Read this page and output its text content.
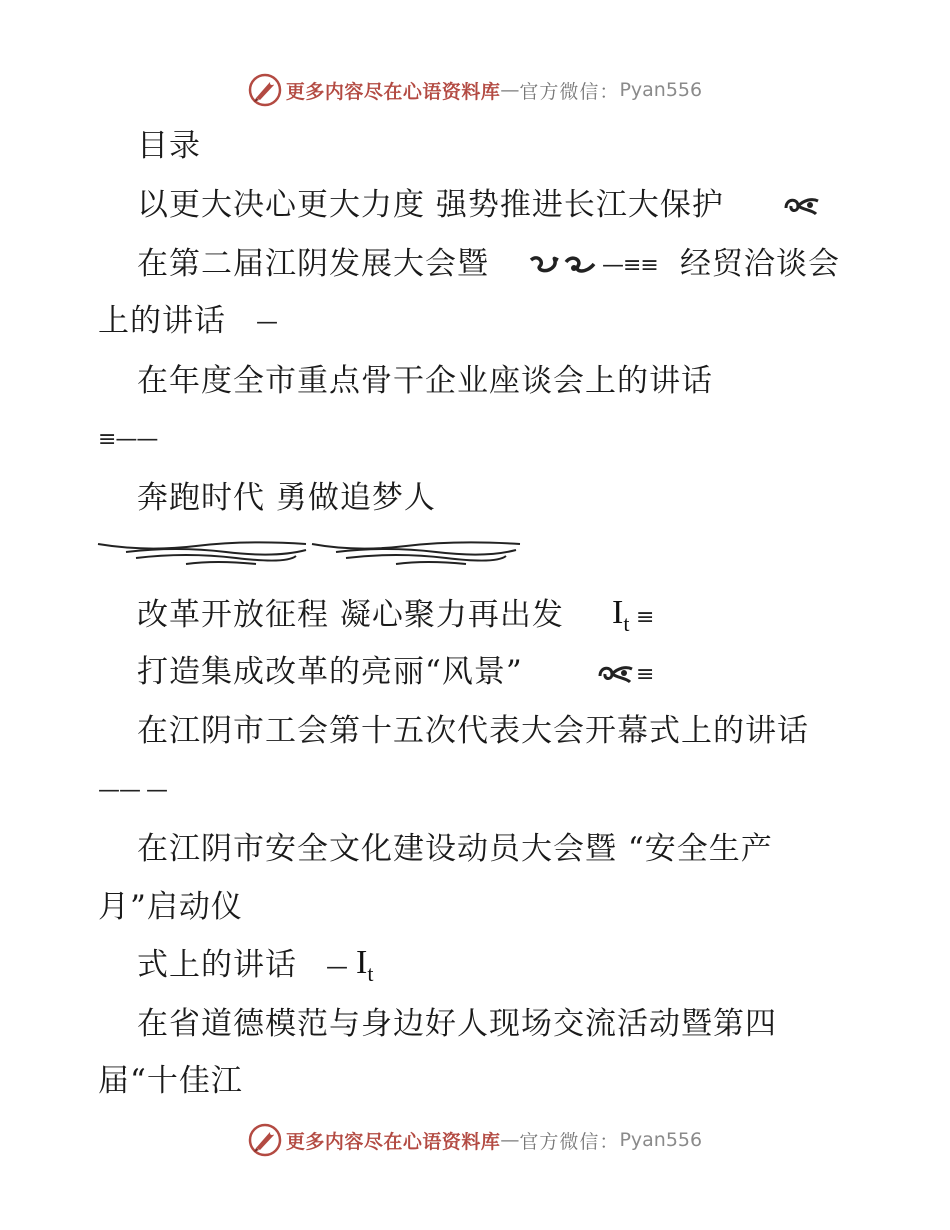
更多内容尽在心语资料库 — 官方微信： Pyan556
目录
以更大决心更大力度 强势推进长江大保护
在第二届江阴发展大会暨	—≡≡ 经贸洽谈会
上的讲话 —
在年度全市重点骨干企业座谈会上的讲话
≡——
奔跑时代 勇做追梦人
改革开放征程 凝心聚力再出发 $I_t$ ≡
打造集成改革的亮丽“风景”	≡
在江阴市工会第十五次代表大会开幕式上的讲话
—— —
在江阴市安全文化建设动员大会暨 “安全生产
月”启动仪
式上的讲话 — $I_t$
在省道德模范与身边好人现场交流活动暨第四
届“十佳江
更多内容尽在心语资料库 — 官方微信： Pyan556
